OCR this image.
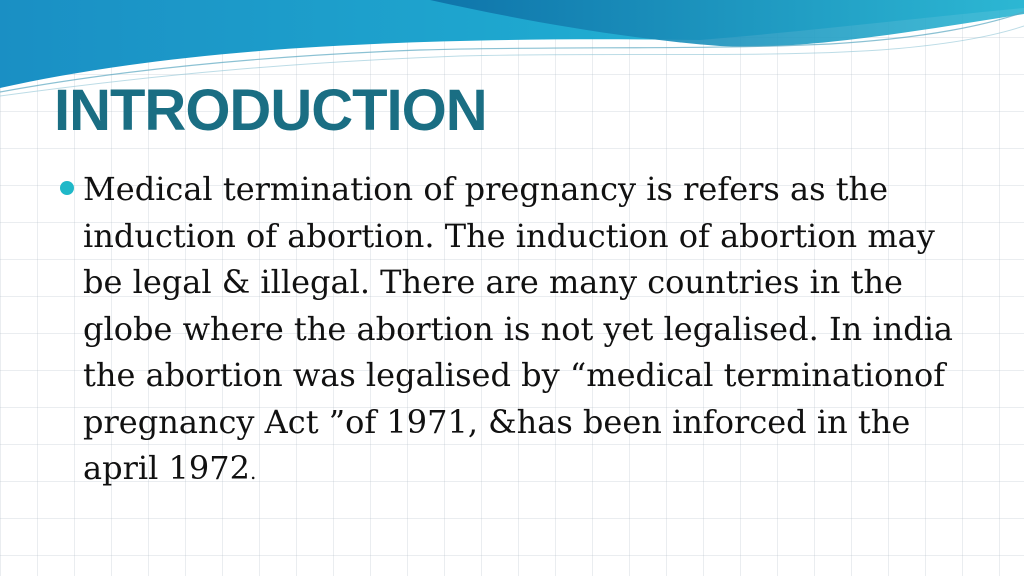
INTRODUCTION

Medical termination of pregnancy is refers as the
induction of abortion. The induction of abortion may
be legal & illegal. There are many countries in the
globe where the abortion is not yet legalised. In india
the abortion was legalised by “medical terminationof
pregnancy Act ”of 1971, &has been inforced in the
april 1972.
